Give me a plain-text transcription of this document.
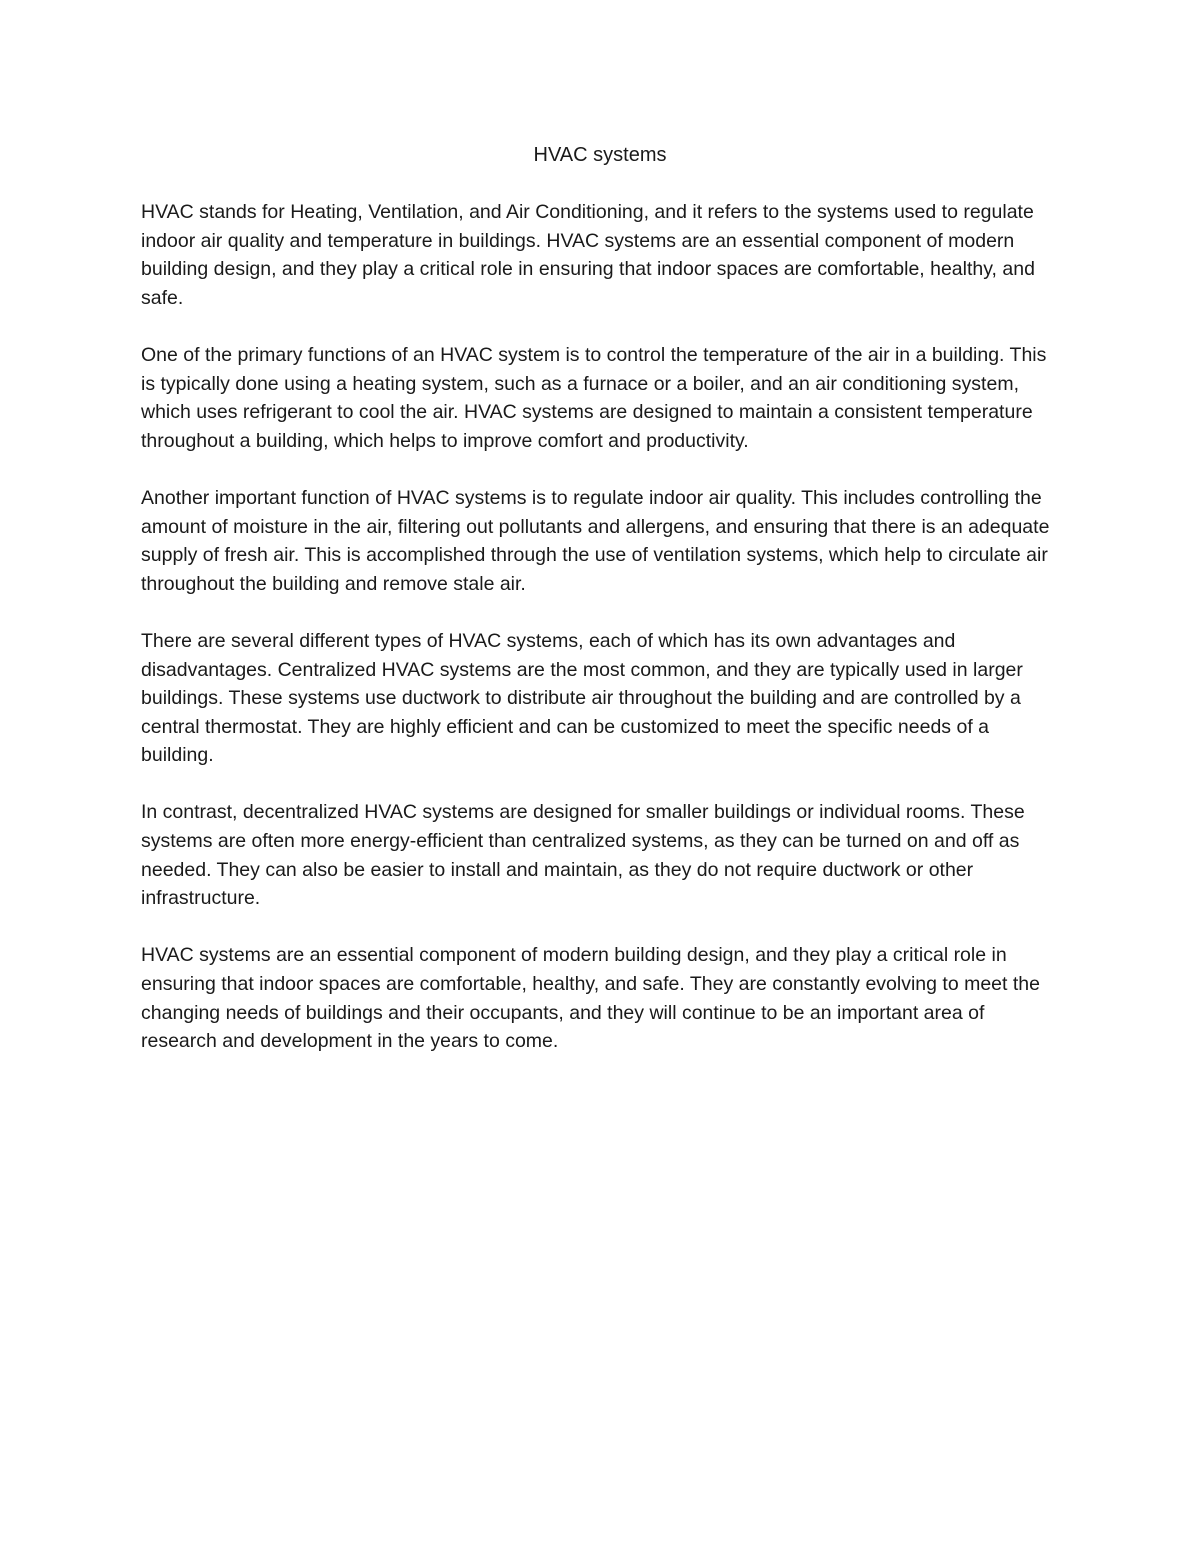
HVAC systems

HVAC stands for Heating, Ventilation, and Air Conditioning, and it refers to the systems used to regulate indoor air quality and temperature in buildings. HVAC systems are an essential component of modern building design, and they play a critical role in ensuring that indoor spaces are comfortable, healthy, and safe.

One of the primary functions of an HVAC system is to control the temperature of the air in a building. This is typically done using a heating system, such as a furnace or a boiler, and an air conditioning system, which uses refrigerant to cool the air. HVAC systems are designed to maintain a consistent temperature throughout a building, which helps to improve comfort and productivity.

Another important function of HVAC systems is to regulate indoor air quality. This includes controlling the amount of moisture in the air, filtering out pollutants and allergens, and ensuring that there is an adequate supply of fresh air. This is accomplished through the use of ventilation systems, which help to circulate air throughout the building and remove stale air.

There are several different types of HVAC systems, each of which has its own advantages and disadvantages. Centralized HVAC systems are the most common, and they are typically used in larger buildings. These systems use ductwork to distribute air throughout the building and are controlled by a central thermostat. They are highly efficient and can be customized to meet the specific needs of a building.

In contrast, decentralized HVAC systems are designed for smaller buildings or individual rooms. These systems are often more energy-efficient than centralized systems, as they can be turned on and off as needed. They can also be easier to install and maintain, as they do not require ductwork or other infrastructure.

HVAC systems are an essential component of modern building design, and they play a critical role in ensuring that indoor spaces are comfortable, healthy, and safe. They are constantly evolving to meet the changing needs of buildings and their occupants, and they will continue to be an important area of research and development in the years to come.
